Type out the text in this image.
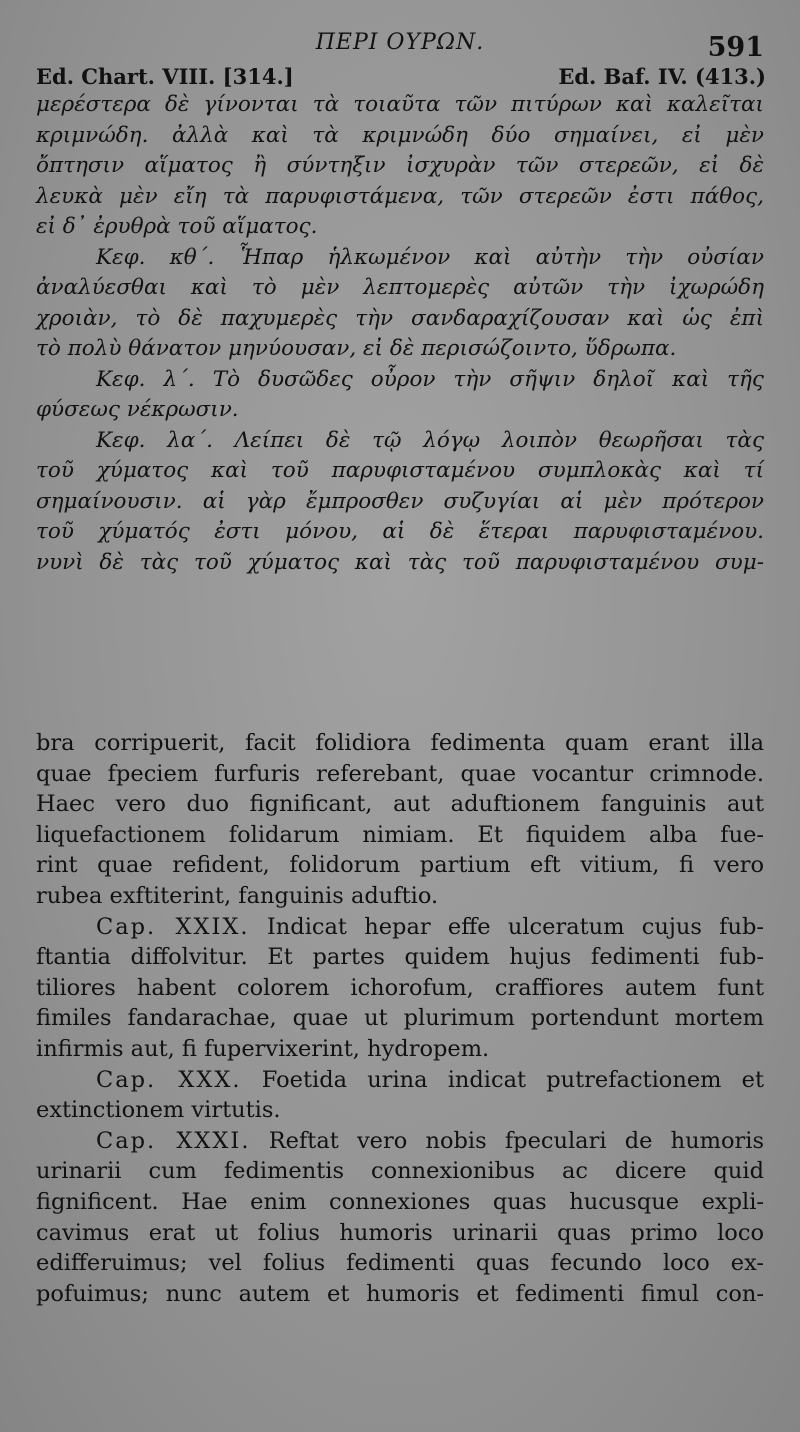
ΠΕΡΙ ΟΥΡΩΝ.	591
Ed. Chart. VIII. [314.]	Ed. Baf. IV. (413.)

μερέστερα δὲ γίνονται τὰ τοιαῦτα τῶν πιτύρων καὶ καλεῖται

κριμνώδη. ἀλλὰ καὶ τὰ κριμνώδη δύο σημαίνει, εἰ μὲν

ὄπτησιν αἵματος ἢ σύντηξιν ἰσχυρὰν τῶν στερεῶν, εἰ δὲ

λευκὰ μὲν εἴη τὰ παρυφιστάμενα, τῶν στερεῶν ἐστι πάθος,

εἰ δ᾽ ἐρυθρὰ τοῦ αἵματος.

Κεφ. κθ΄. Ἧπαρ ἡλκωμένον καὶ αὐτὴν τὴν οὐσίαν

ἀναλύεσθαι καὶ τὸ μὲν λεπτομερὲς αὐτῶν τὴν ἰχωρώδη

χροιὰν, τὸ δὲ παχυμερὲς τὴν σανδαραχίζουσαν καὶ ὡς ἐπὶ

τὸ πολὺ θάνατον μηνύουσαν, εἰ δὲ περισώζοιντο, ὕδρωπα.

Κεφ. λ΄. Τὸ δυσῶδες οὖρον τὴν σῆψιν δηλοῖ καὶ τῆς

φύσεως νέκρωσιν.

Κεφ. λα΄. Λείπει δὲ τῷ λόγῳ λοιπὸν θεωρῆσαι τὰς

τοῦ χύματος καὶ τοῦ παρυφισταμένου συμπλοκὰς καὶ τί

σημαίνουσιν. αἱ γὰρ ἔμπροσθεν συζυγίαι αἱ μὲν πρότερον

τοῦ χύματός ἐστι μόνου, αἱ δὲ ἕτεραι παρυφισταμένου.

νυνὶ δὲ τὰς τοῦ χύματος καὶ τὰς τοῦ παρυφισταμένου συμ-

bra corripuerit, facit folidiora fedimenta quam erant illa

quae fpeciem furfuris referebant, quae vocantur crimnode.

Haec vero duo fignificant, aut aduftionem fanguinis aut

liquefactionem folidarum nimiam. Et fiquidem alba fue-

rint quae refident, folidorum partium eft vitium, fi vero

rubea exftiterint, fanguinis aduftio.

Cap. XXIX. Indicat hepar effe ulceratum cujus fub-

ftantia diffolvitur. Et partes quidem hujus fedimenti fub-

tiliores habent colorem ichorofum, craffiores autem funt

fimiles fandarachae, quae ut plurimum portendunt mortem

infirmis aut, fi fupervixerint, hydropem.

Cap. XXX. Foetida urina indicat putrefactionem et

extinctionem virtutis.

Cap. XXXI. Reftat vero nobis fpeculari de humoris

urinarii cum fedimentis connexionibus ac dicere quid

fignificent. Hae enim connexiones quas hucusque expli-

cavimus erat ut folius humoris urinarii quas primo loco

edifferuimus; vel folius fedimenti quas fecundo loco ex-

pofuimus; nunc autem et humoris et fedimenti fimul con-
